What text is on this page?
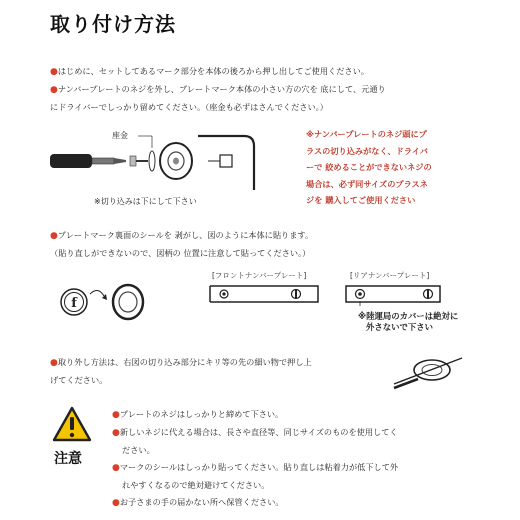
取り付け方法
●はじめに、セットしてあるマーク部分を本体の後ろから押し出してご使用ください。
●ナンバープレートのネジを外し、プレートマーク本体の小さい方の穴を 底にして、元通り
にドライバーでしっかり留めてください。（座金も必ずはさんでください。）
座金
※切り込みは下にして下さい
※ナンバープレートのネジ頭にプ
ラスの切り込みがなく、ドライバ
ーで 絞めることができないネジの
場合は、必ず同サイズのプラスネ
ジを 購入してご使用ください
●プレートマーク裏面のシールを 剥がし、図のように本体に貼ります。
（貼り直しができないので、図柄の 位置に注意して貼ってください。）
f
[フロントナンバープレート]	[リアナンバープレート]
※陸運局のカバーは絶対に
外さないで下さい
●取り外し方法は、右図の切り込み部分にキリ等の先の細い物で押し上
げてください。
注意
●プレートのネジはしっかりと締めて下さい。
●新しいネジに代える場合は、長さや直径等、同じサイズのものを使用してく
ださい。
●マークのシールはしっかり貼ってください。貼り直しは粘着力が低下して外
れやすくなるので絶対避けてください。
●お子さまの手の届かない所へ保管ください。
